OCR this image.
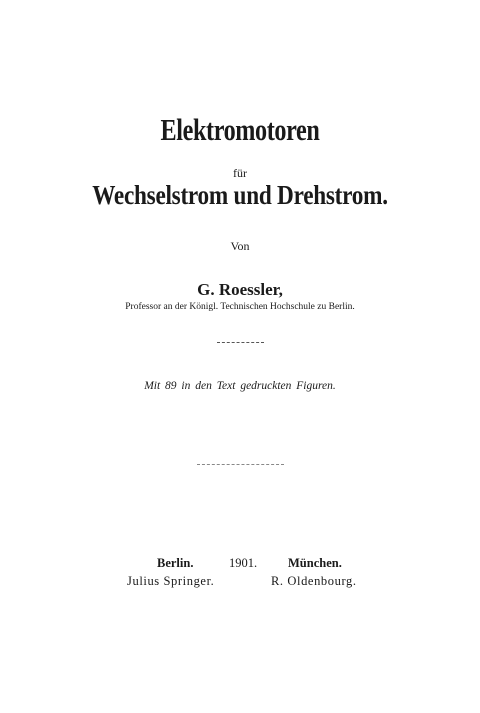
Elektromotoren
für
Wechselstrom und Drehstrom.
Von
G. Roessler,
Professor an der Königl. Technischen Hochschule zu Berlin.
Mit 89 in den Text gedruckten Figuren.
Berlin.	1901. München.
Julius Springer.	R. Oldenbourg.
